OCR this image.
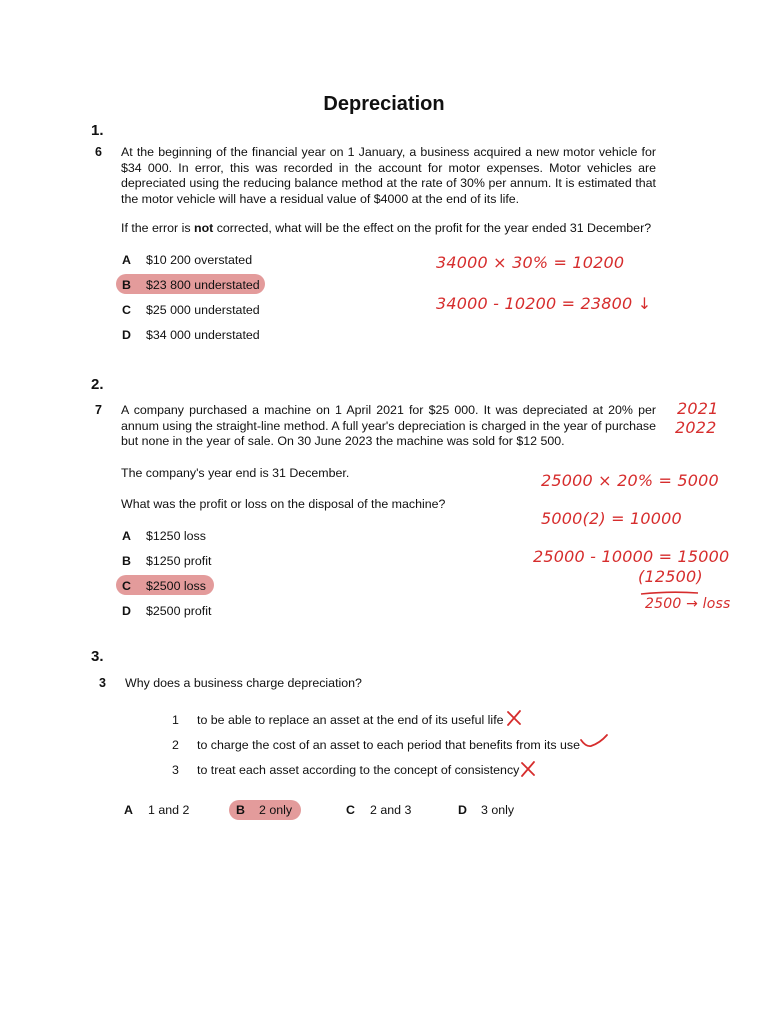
Depreciation
1.
6 At the beginning of the financial year on 1 January, a business acquired a new motor vehicle for $34 000. In error, this was recorded in the account for motor expenses. Motor vehicles are depreciated using the reducing balance method at the rate of 30% per annum. It is estimated that the motor vehicle will have a residual value of $4000 at the end of its life.
If the error is not corrected, what will be the effect on the profit for the year ended 31 December?
A $10 200 overstated
B $23 800 understated
C $25 000 understated
D $34 000 understated
34000 × 30% = 10200
34000 - 10200 = 23800 ↓
2.
7 A company purchased a machine on 1 April 2021 for $25 000. It was depreciated at 20% per annum using the straight-line method. A full year's depreciation is charged in the year of purchase but none in the year of sale. On 30 June 2023 the machine was sold for $12 500.
The company's year end is 31 December.
What was the profit or loss on the disposal of the machine?
A $1250 loss
B $1250 profit
C $2500 loss
D $2500 profit
2021
2022
25000 × 20% = 5000
5000(2) = 10000
25000 - 10000 = 15000
(12500)
2500 → loss
3.
3 Why does a business charge depreciation?
1 to be able to replace an asset at the end of its useful life
2 to charge the cost of an asset to each period that benefits from its use
3 to treat each asset according to the concept of consistency
A 1 and 2	B 2 only	C 2 and 3	D 3 only
